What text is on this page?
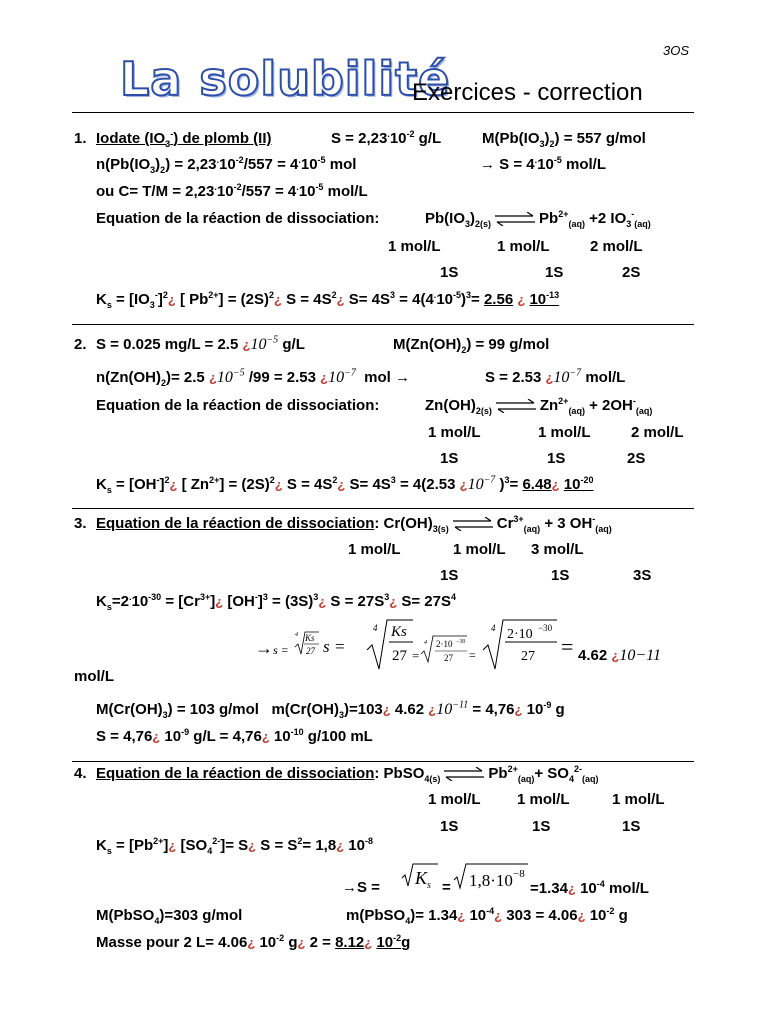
3OS
La solubilité
Exercices - correction
1. Iodate $(IO_3^-)$ de plomb (II)	$S = 2,23^.10^{-2}$ g/L	$M(Pb(IO_3)_2) = 557$ g/mol
$n(Pb(IO_3)_2) = 2,23^.10^{-2}/557 = 4^.10^{-5}$ mol	→ $S = 4^.10^{-5}$ mol/L
ou $C= T/M = 2,23^.10^{-2}/557 = 4^.10^{-5}$ mol/L
Equation de la réaction de dissociation:	$Pb(IO_3)_{2(s)}$ ⇌ $Pb^{2+}_{(aq)} +2$ $IO_3^-_{(aq)}$
1 mol/L	1 mol/L	2 mol/L
1S	1S	2S
$K_s$ = $[IO_3^-]^2¿$ [ $Pb^{2+}$] = $(2S)^2¿$ $S = 4S^2¿$ $S= 4S^3 = 4(4^.10^{-5})^3= 2.56$ ¿ $10^{-13}$
2. S = 0.025 mg/L = 2.5 ¿$10^{-5}$ g/L	$M(Zn(OH)_2) = 99$ g/mol
$n(Zn(OH)_2)= 2.5$ ¿$10^{-5}$ /99 = 2.53 ¿$10^{-7}$  mol →	S = 2.53 ¿$10^{-7}$ mol/L
Equation de la réaction de dissociation:	$Zn(OH)_{2(s)}$ ⇌ $Zn^{2+}_{(aq)} + 2OH^-_{(aq)}$
1 mol/L	1 mol/L	2 mol/L
1S	1S	2S
$K_s$ = $[OH^-]^2¿$ [ $Zn^{2+}$] = $(2S)^2¿$ $S = 4S^2¿$ $S= 4S^3 = 4(2.53$ ¿$10^{-7}$ )$^3$= 6.48¿ $10^{-20}$
3. Equation de la réaction de dissociation: $Cr(OH)_{3(s)}$ ⇌ $Cr^{3+}_{(aq)} + 3$ $OH^-_{(aq)}$
1 mol/L	1 mol/L 3 mol/L
1S	1S	3S
$K_s=2^.10^{-30}$ = $[Cr^{3+}]¿$ $[OH^-]^3$ = $(3S)^3¿$ $S = 27S^3¿$ $S= 27S^4$
→ s =
4 Ks
27 s =
4 Ks
27 =
4 2·10 −30
27 =
4 2·10 −30
27 = 4.62 ¿10−11
mol/L
$M(Cr(OH)_3) = 103$ g/mol   $m(Cr(OH)_3)=103¿$ 4.62 ¿$10^{-11}$ = 4,76¿ $10^{-9}$ g
S = 4,76¿ $10^{-9}$ g/L = 4,76¿ $10^{-10}$ g/100 mL
4. Equation de la réaction de dissociation: PbSO$_{4(s)}$ ⇌ $Pb^{2+}_{(aq)}+ SO_4^{2-}_{(aq)}$
1 mol/L 1 mol/L	1 mol/L
1S	1S	1S
$K_s$ = $[Pb^{2+}]¿$ $[SO_4^{2-}]=$ S¿ $S = S^2=$ 1,8¿ $10^{-8}$
→S = K s = 1,8·10 −8
=1.34¿ $10^{-4}$ mol/L
M(PbSO$_4$)=303 g/mol	m(PbSO$_4$)= 1.34¿ $10^{-4}¿$ 303 = 4.06¿ $10^{-2}$ g
Masse pour 2 L= 4.06¿ $10^{-2}$ g¿ 2 = 8.12¿ $10^{-2}g$
